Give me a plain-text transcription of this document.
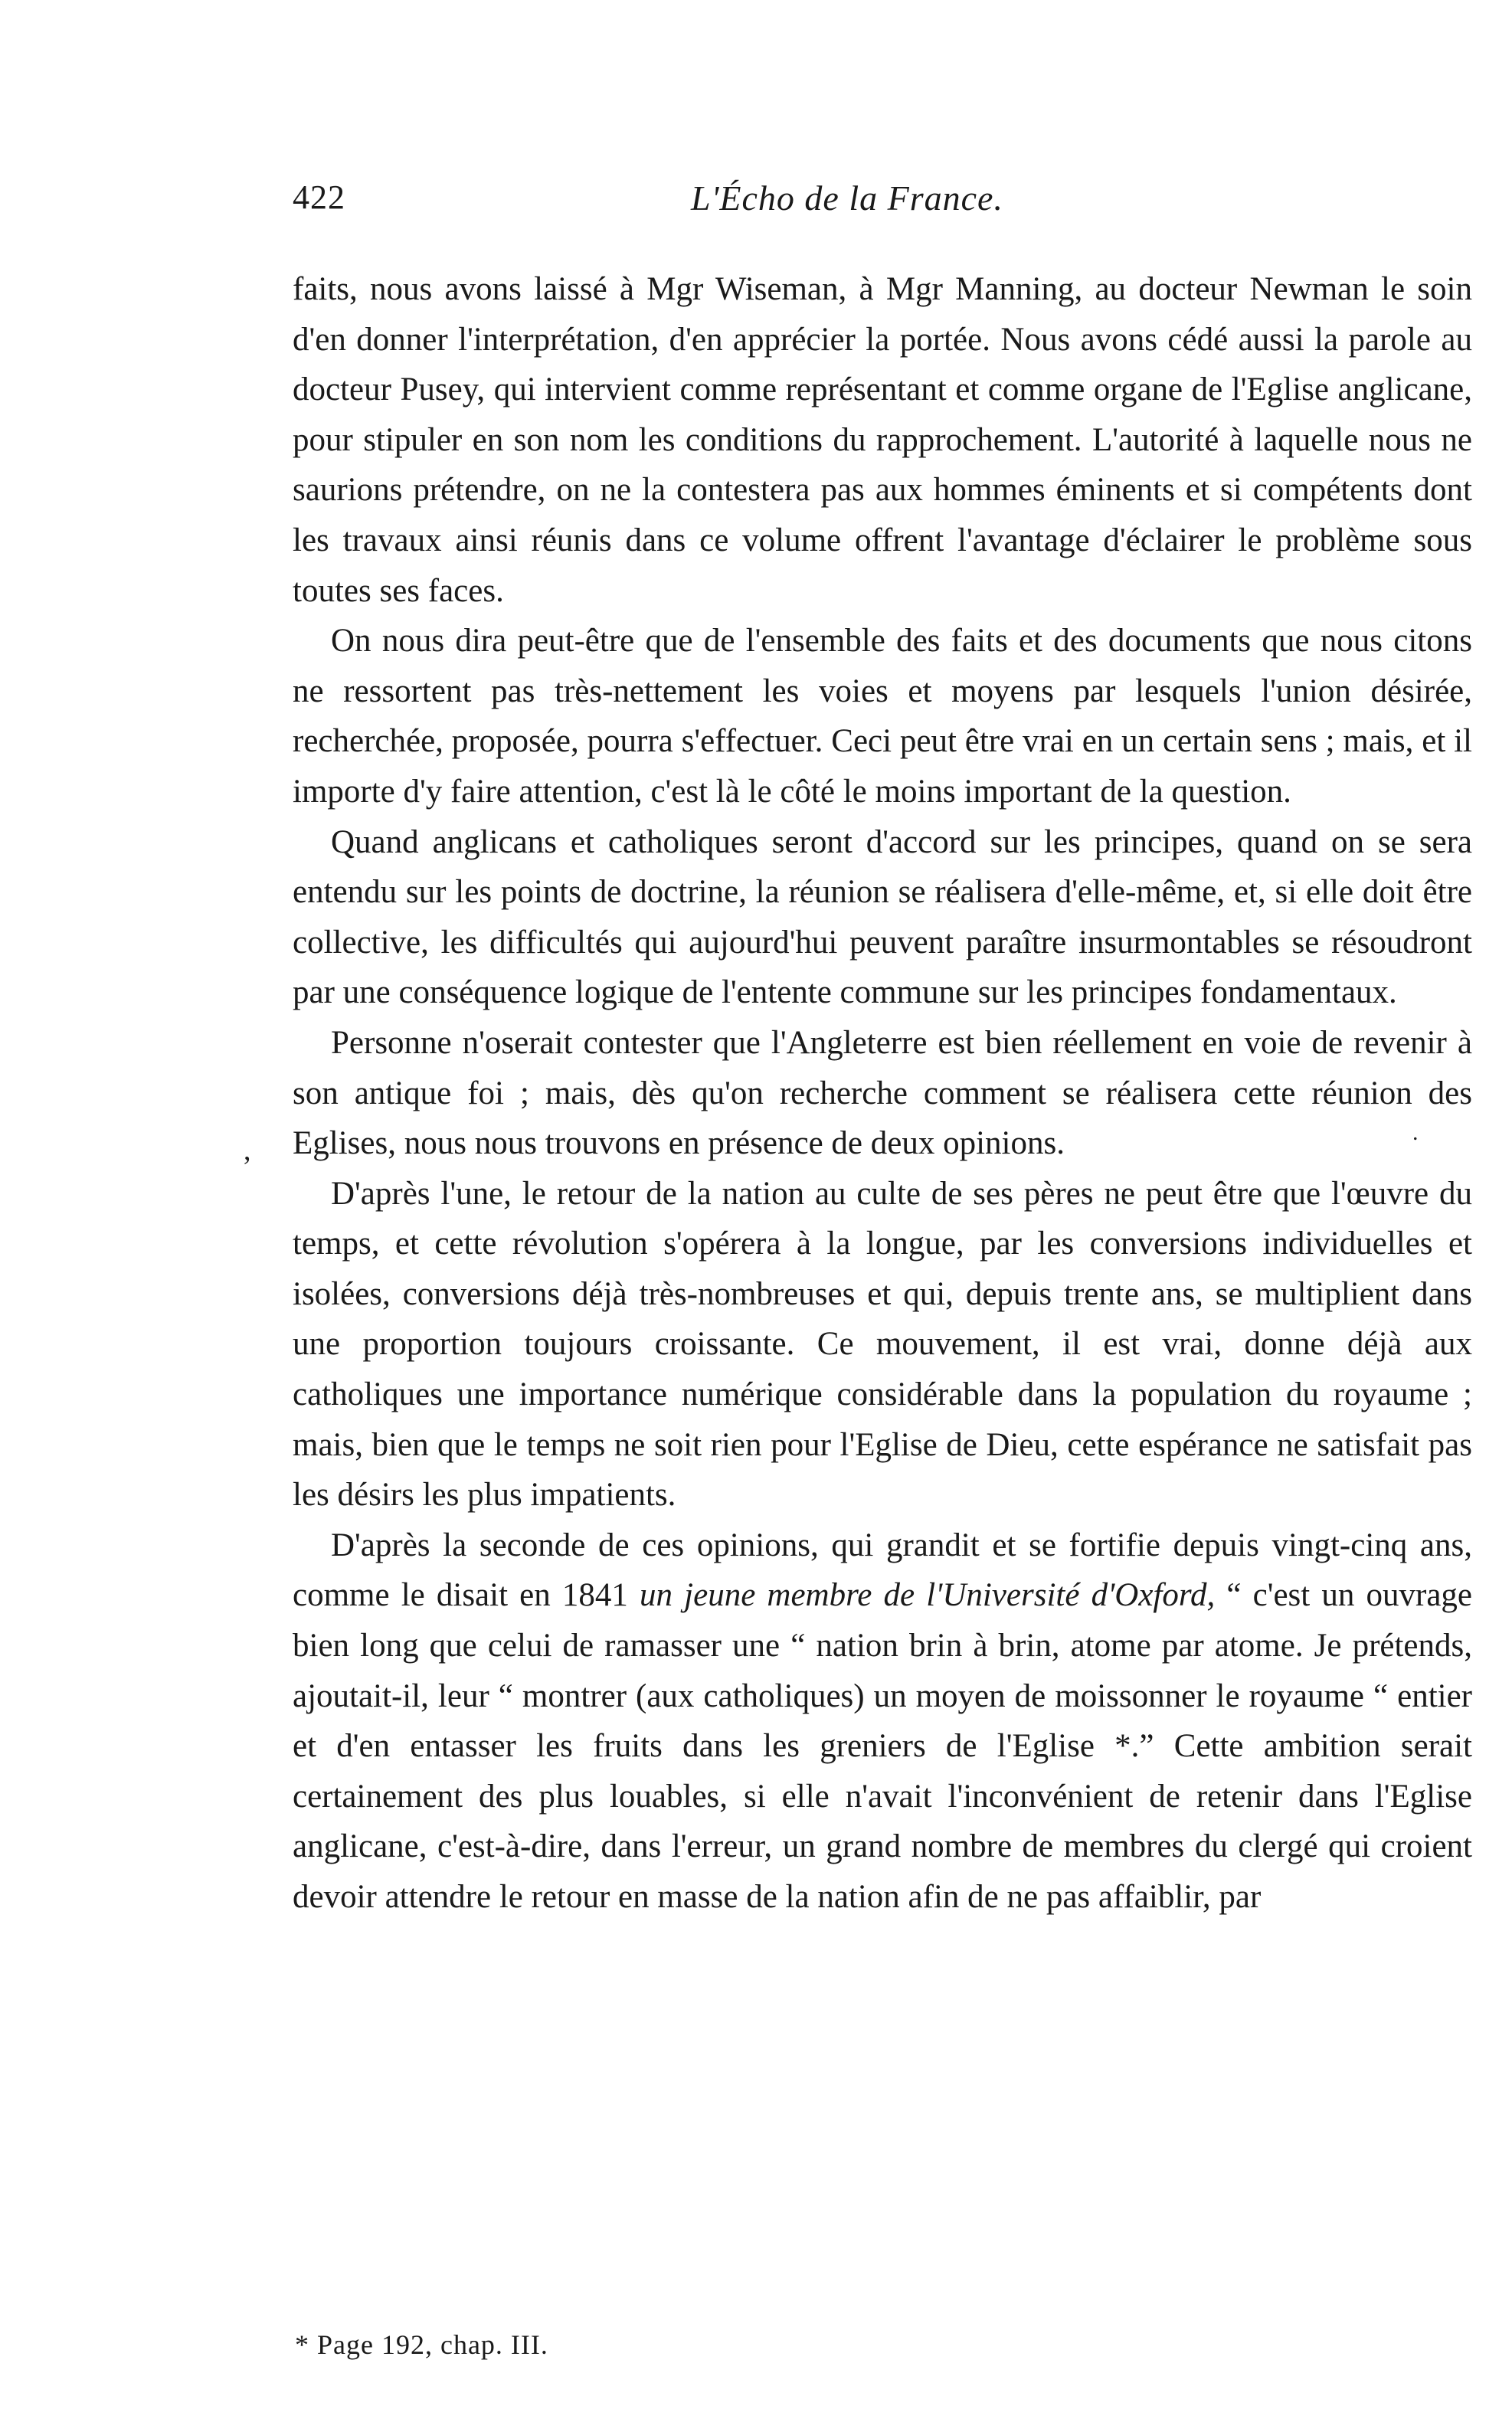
422	L'Écho de la France.

faits, nous avons laissé à Mgr Wiseman, à Mgr Manning, au docteur Newman le soin d'en donner l'interprétation, d'en apprécier la portée. Nous avons cédé aussi la parole au docteur Pusey, qui intervient comme représentant et comme organe de l'Eglise anglicane, pour stipuler en son nom les conditions du rapprochement. L'autorité à laquelle nous ne saurions prétendre, on ne la contestera pas aux hommes éminents et si compétents dont les travaux ainsi réunis dans ce volume offrent l'avantage d'éclairer le problème sous toutes ses faces.

On nous dira peut-être que de l'ensemble des faits et des documents que nous citons ne ressortent pas très-nettement les voies et moyens par lesquels l'union désirée, recherchée, proposée, pourra s'effectuer. Ceci peut être vrai en un certain sens ; mais, et il importe d'y faire attention, c'est là le côté le moins important de la question.

Quand anglicans et catholiques seront d'accord sur les principes, quand on se sera entendu sur les points de doctrine, la réunion se réalisera d'elle-même, et, si elle doit être collective, les difficultés qui aujourd'hui peuvent paraître insurmontables se résoudront par une conséquence logique de l'entente commune sur les principes fondamentaux.

Personne n'oserait contester que l'Angleterre est bien réellement en voie de revenir à son antique foi ; mais, dès qu'on recherche comment se réalisera cette réunion des Eglises, nous nous trouvons en présence de deux opinions.

D'après l'une, le retour de la nation au culte de ses pères ne peut être que l'œuvre du temps, et cette révolution s'opérera à la longue, par les conversions individuelles et isolées, conversions déjà très-nombreuses et qui, depuis trente ans, se multiplient dans une proportion toujours croissante. Ce mouvement, il est vrai, donne déjà aux catholiques une importance numérique considérable dans la population du royaume ; mais, bien que le temps ne soit rien pour l'Eglise de Dieu, cette espérance ne satisfait pas les désirs les plus impatients.

D'après la seconde de ces opinions, qui grandit et se fortifie depuis vingt-cinq ans, comme le disait en 1841 un jeune membre de l'Université d'Oxford, “ c'est un ouvrage bien long que celui de ramasser une “ nation brin à brin, atome par atome. Je prétends, ajoutait-il, leur “ montrer (aux catholiques) un moyen de moissonner le royaume “ entier et d'en entasser les fruits dans les greniers de l'Eglise *.” Cette ambition serait certainement des plus louables, si elle n'avait l'inconvénient de retenir dans l'Eglise anglicane, c'est-à-dire, dans l'erreur, un grand nombre de membres du clergé qui croient devoir attendre le retour en masse de la nation afin de ne pas affaiblir, par

,
.
* Page 192, chap. III.
